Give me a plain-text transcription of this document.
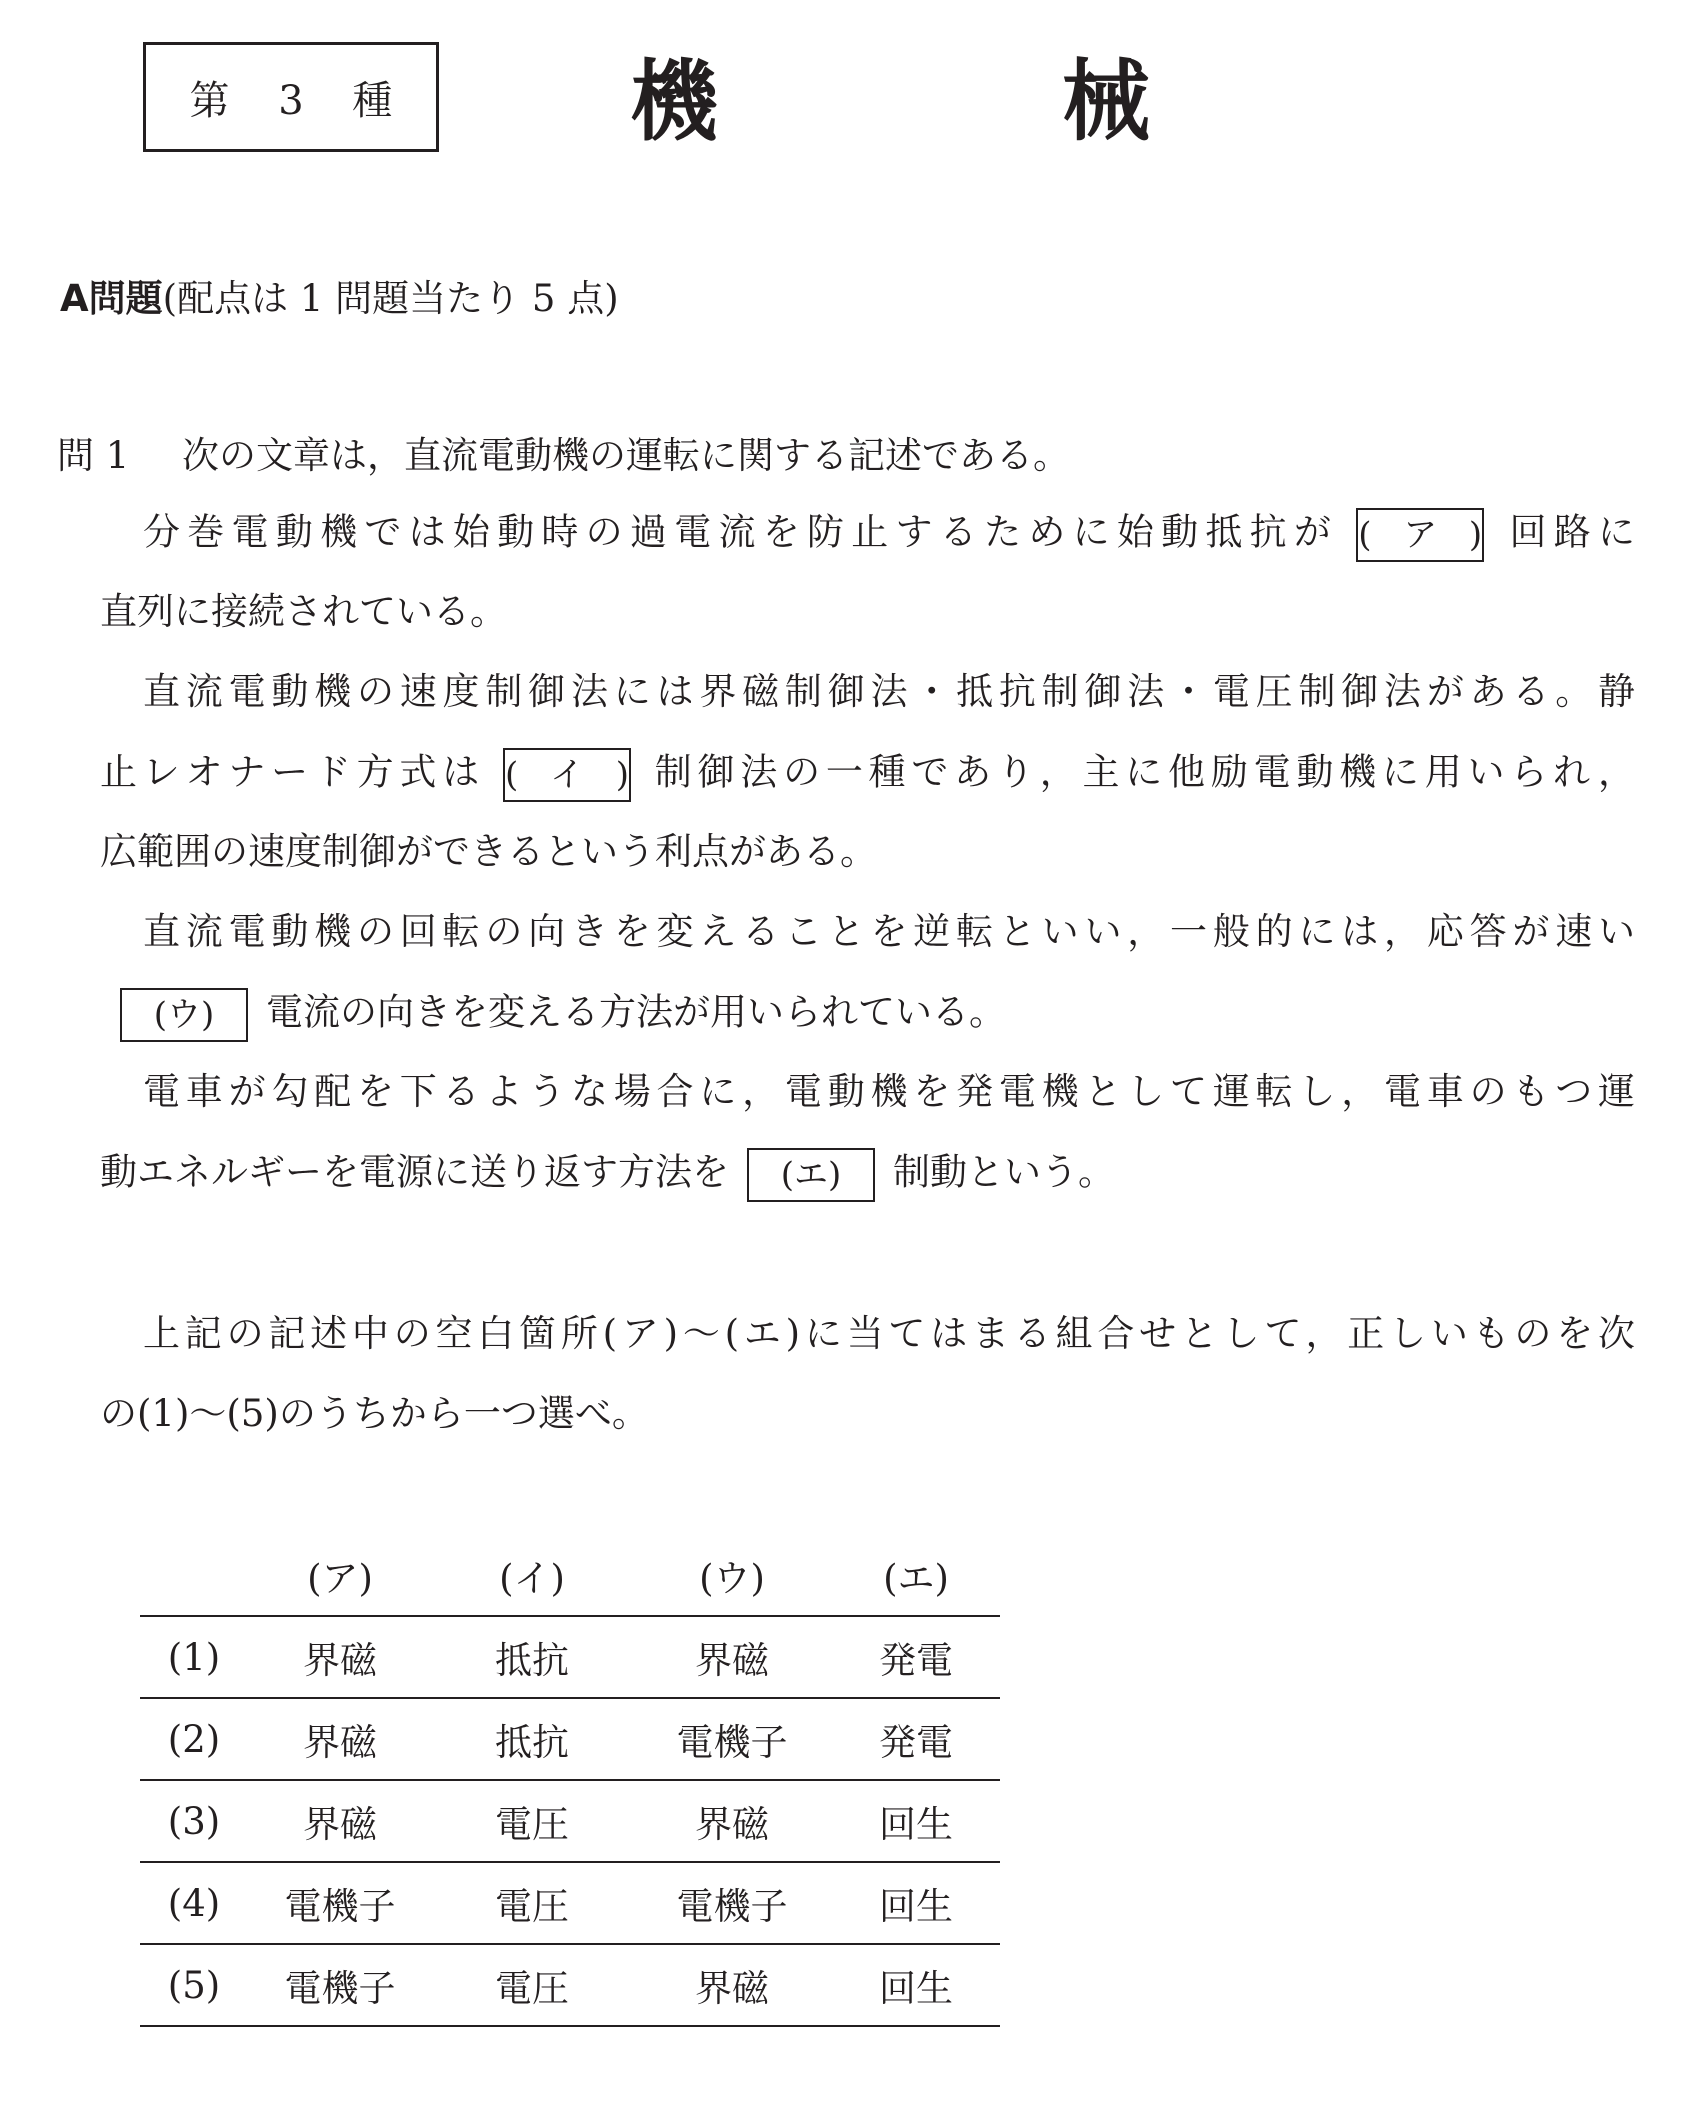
第 3 種	機	械
A問題(配点は 1 問題当たり 5 点)
問 1 次の文章は，直流電動機の運転に関する記述である。
分巻電動機では始動時の過電流を防止するために始動抵抗が (ア) 回路に
直列に接続されている。
直流電動機の速度制御法には界磁制御法・抵抗制御法・電圧制御法がある。静
止レオナード方式は (イ) 制御法の一種であり，主に他励電動機に用いられ，
広範囲の速度制御ができるという利点がある。
直流電動機の回転の向きを変えることを逆転といい，一般的には，応答が速い
(ウ) 電流の向きを変える方法が用いられている。
電車が勾配を下るような場合に，電動機を発電機として運転し，電車のもつ運
動エネルギーを電源に送り返す方法を (エ) 制動という。
上記の記述中の空白箇所(ア)～(エ)に当てはまる組合せとして，正しいものを次
の(1)～(5)のうちから一つ選べ。
	(ア)	(イ)	(ウ)	(エ)
(1)	界磁	抵抗	界磁	発電
(2)	界磁	抵抗	電機子	発電
(3)	界磁	電圧	界磁	回生
(4)	電機子	電圧	電機子	回生
(5)	電機子	電圧	界磁	回生
